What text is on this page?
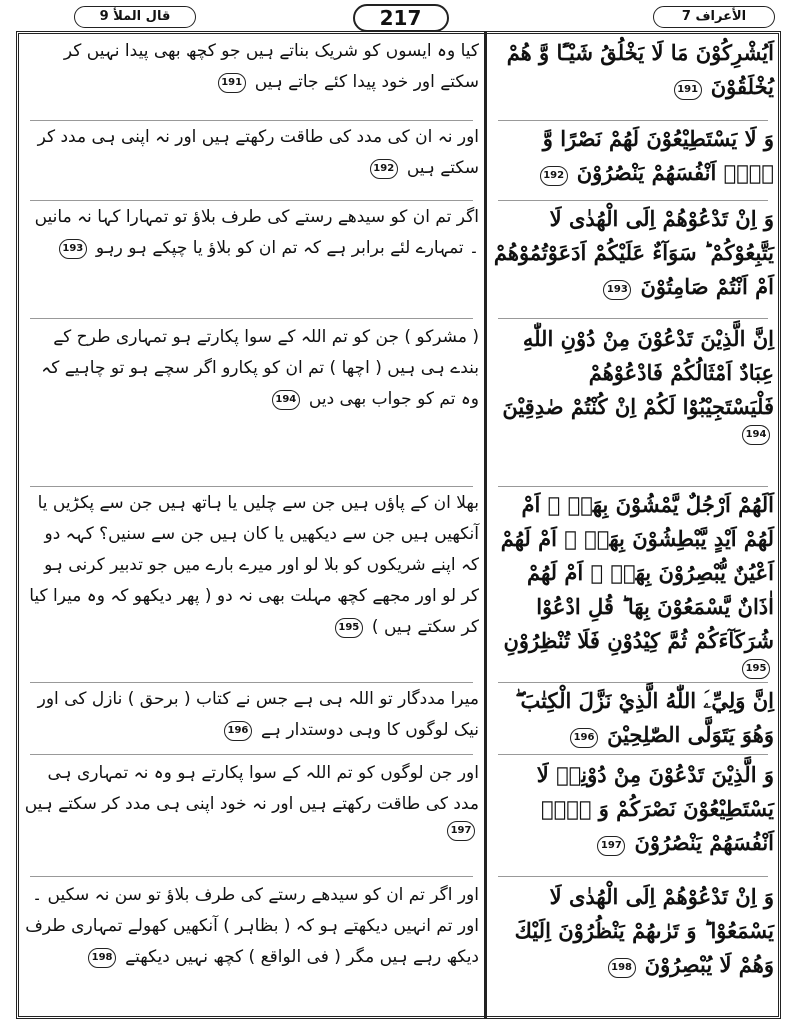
قال الملأ 9	217	الأعراف 7
اَيُشْرِكُوْنَ مَا لَا يَخْلُقُ شَيْـًٔا وَّ هُمْ يُخْلَقُوْنَ 191
وَ لَا يَسْتَطِيْعُوْنَ لَهُمْ نَصْرًا وَّ لَاۤ اَنْفُسَهُمْ يَنْصُرُوْنَ 192
وَ اِنْ تَدْعُوْهُمْ اِلَى الْهُدٰى لَا يَتَّبِعُوْكُمْ ؕ سَوَآءٌ عَلَيْكُمْ اَدَعَوْتُمُوْهُمْ اَمْ اَنْتُمْ صَامِتُوْنَ 193
اِنَّ الَّذِيْنَ تَدْعُوْنَ مِنْ دُوْنِ اللّٰهِ عِبَادٌ اَمْثَالُكُمْ فَادْعُوْهُمْ فَلْيَسْتَجِيْبُوْا لَكُمْ اِنْ كُنْتُمْ صٰدِقِيْنَ 194
اَلَهُمْ اَرْجُلٌ يَّمْشُوْنَ بِهَاۤ ۫ اَمْ لَهُمْ اَيْدٍ يَّبْطِشُوْنَ بِهَاۤ ۫ اَمْ لَهُمْ اَعْيُنٌ يُّبْصِرُوْنَ بِهَاۤ ۫ اَمْ لَهُمْ اٰذَانٌ يَّسْمَعُوْنَ بِهَا ؕ قُلِ ادْعُوْا شُرَكَآءَكُمْ ثُمَّ كِيْدُوْنِ فَلَا تُنْظِرُوْنِ 195
اِنَّ وَلِيِّۦَ اللّٰهُ الَّذِيْ نَزَّلَ الْكِتٰبَ ۖ وَهُوَ يَتَوَلَّى الصّٰلِحِيْنَ 196
وَ الَّذِيْنَ تَدْعُوْنَ مِنْ دُوْنِهٖ لَا يَسْتَطِيْعُوْنَ نَصْرَكُمْ وَ لَاۤ اَنْفُسَهُمْ يَنْصُرُوْنَ 197
وَ اِنْ تَدْعُوْهُمْ اِلَى الْهُدٰى لَا يَسْمَعُوْا ؕ وَ تَرٰىهُمْ يَنْظُرُوْنَ اِلَيْكَ وَهُمْ لَا يُبْصِرُوْنَ 198
کیا وہ ایسوں کو شریک بناتے ہیں جو کچھ بھی پیدا نہیں کر سکتے اور خود پیدا کئے جاتے ہیں 191
اور نہ ان کی مدد کی طاقت رکھتے ہیں اور نہ اپنی ہی مدد کر سکتے ہیں 192
اگر تم ان کو سیدھے رستے کی طرف بلاؤ تو تمہارا کہا نہ مانیں ۔ تمہارے لئے برابر ہے کہ تم ان کو بلاؤ یا چپکے ہو رہو 193
( مشرکو ) جن کو تم اللہ کے سوا پکارتے ہو تمہاری طرح کے بندے ہی ہیں ( اچھا ) تم ان کو پکارو اگر سچے ہو تو چاہیے کہ وہ تم کو جواب بھی دیں 194
بھلا ان کے پاؤں ہیں جن سے چلیں یا ہاتھ ہیں جن سے پکڑیں یا آنکھیں ہیں جن سے دیکھیں یا کان ہیں جن سے سنیں؟ کہہ دو کہ اپنے شریکوں کو بلا لو اور میرے بارے میں جو تدبیر کرنی ہو کر لو اور مجھے کچھ مہلت بھی نہ دو ( پھر دیکھو کہ وہ میرا کیا کر سکتے ہیں ) 195
میرا مددگار تو اللہ ہی ہے جس نے کتاب ( برحق ) نازل کی اور نیک لوگوں کا وہی دوستدار ہے 196
اور جن لوگوں کو تم اللہ کے سوا پکارتے ہو وہ نہ تمہاری ہی مدد کی طاقت رکھتے ہیں اور نہ خود اپنی ہی مدد کر سکتے ہیں 197
اور اگر تم ان کو سیدھے رستے کی طرف بلاؤ تو سن نہ سکیں ۔ اور تم انہیں دیکھتے ہو کہ ( بظاہر ) آنکھیں کھولے تمہاری طرف دیکھ رہے ہیں مگر ( فی الواقع ) کچھ نہیں دیکھتے 198
